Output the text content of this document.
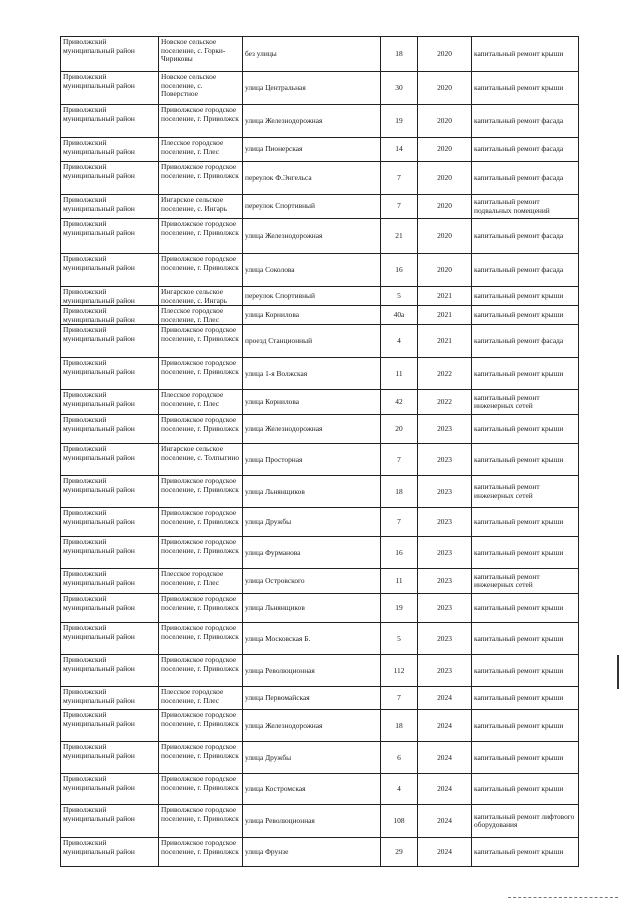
Приволжский муниципальный район	Новское сельское поселение, с. Горки-Чириковы	без улицы	18	2020	капитальный ремонт крыши
Приволжский муниципальный район	Новское сельское поселение, с. Поверстное	улица Центральная	30	2020	капитальный ремонт крыши
Приволжский муниципальный район	Приволжское городское поселение, г. Приволжск	улица Железнодорожная	19	2020	капитальный ремонт фасада
Приволжский муниципальный район	Плесское городское поселение, г. Плес	улица Пионерская	14	2020	капитальный ремонт фасада
Приволжский муниципальный район	Приволжское городское поселение, г. Приволжск	переулок Ф.Энгельса	7	2020	капитальный ремонт фасада
Приволжский муниципальный район	Ингарское сельское поселение, с. Ингарь	переулок Спортивный	7	2020	капитальный ремонт подвальных помещений
Приволжский муниципальный район	Приволжское городское поселение, г. Приволжск	улица Железнодорожная	21	2020	капитальный ремонт фасада
Приволжский муниципальный район	Приволжское городское поселение, г. Приволжск	улица Соколова	16	2020	капитальный ремонт фасада
Приволжский муниципальный район	Ингарское сельское поселение, с. Ингарь	переулок Спортивный	5	2021	капитальный ремонт крыши
Приволжский муниципальный район	Плесское городское поселение, г. Плес	улица Корнилова	40а	2021	капитальный ремонт крыши
Приволжский муниципальный район	Приволжское городское поселение, г. Приволжск	проезд Станционный	4	2021	капитальный ремонт фасада
Приволжский муниципальный район	Приволжское городское поселение, г. Приволжск	улица 1-я Волжская	11	2022	капитальный ремонт крыши
Приволжский муниципальный район	Плесское городское поселение, г. Плес	улица Корнилова	42	2022	капитальный ремонт инженерных сетей
Приволжский муниципальный район	Приволжское городское поселение, г. Приволжск	улица Железнодорожная	20	2023	капитальный ремонт крыши
Приволжский муниципальный район	Ингарское сельское поселение, с. Толпыгино	улица Просторная	7	2023	капитальный ремонт крыши
Приволжский муниципальный район	Приволжское городское поселение, г. Приволжск	улица Льнянщиков	18	2023	капитальный ремонт инженерных сетей
Приволжский муниципальный район	Приволжское городское поселение, г. Приволжск	улица Дружбы	7	2023	капитальный ремонт крыши
Приволжский муниципальный район	Приволжское городское поселение, г. Приволжск	улица Фурманова	16	2023	капитальный ремонт крыши
Приволжский муниципальный район	Плесское городское поселение, г. Плес	улица Островского	11	2023	капитальный ремонт инженерных сетей
Приволжский муниципальный район	Приволжское городское поселение, г. Приволжск	улица Льнянщиков	19	2023	капитальный ремонт крыши
Приволжский муниципальный район	Приволжское городское поселение, г. Приволжск	улица Московская Б.	5	2023	капитальный ремонт крыши
Приволжский муниципальный район	Приволжское городское поселение, г. Приволжск	улица Революционная	112	2023	капитальный ремонт крыши
Приволжский муниципальный район	Плесское городское поселение, г. Плес	улица Первомайская	7	2024	капитальный ремонт крыши
Приволжский муниципальный район	Приволжское городское поселение, г. Приволжск	улица Железнодорожная	18	2024	капитальный ремонт крыши
Приволжский муниципальный район	Приволжское городское поселение, г. Приволжск	улица Дружбы	6	2024	капитальный ремонт крыши
Приволжский муниципальный район	Приволжское городское поселение, г. Приволжск	улица Костромская	4	2024	капитальный ремонт крыши
Приволжский муниципальный район	Приволжское городское поселение, г. Приволжск	улица Революционная	108	2024	капитальный ремонт лифтового оборудования
Приволжский муниципальный район	Приволжское городское поселение, г. Приволжск	улица Фрунзе	29	2024	капитальный ремонт крыши
